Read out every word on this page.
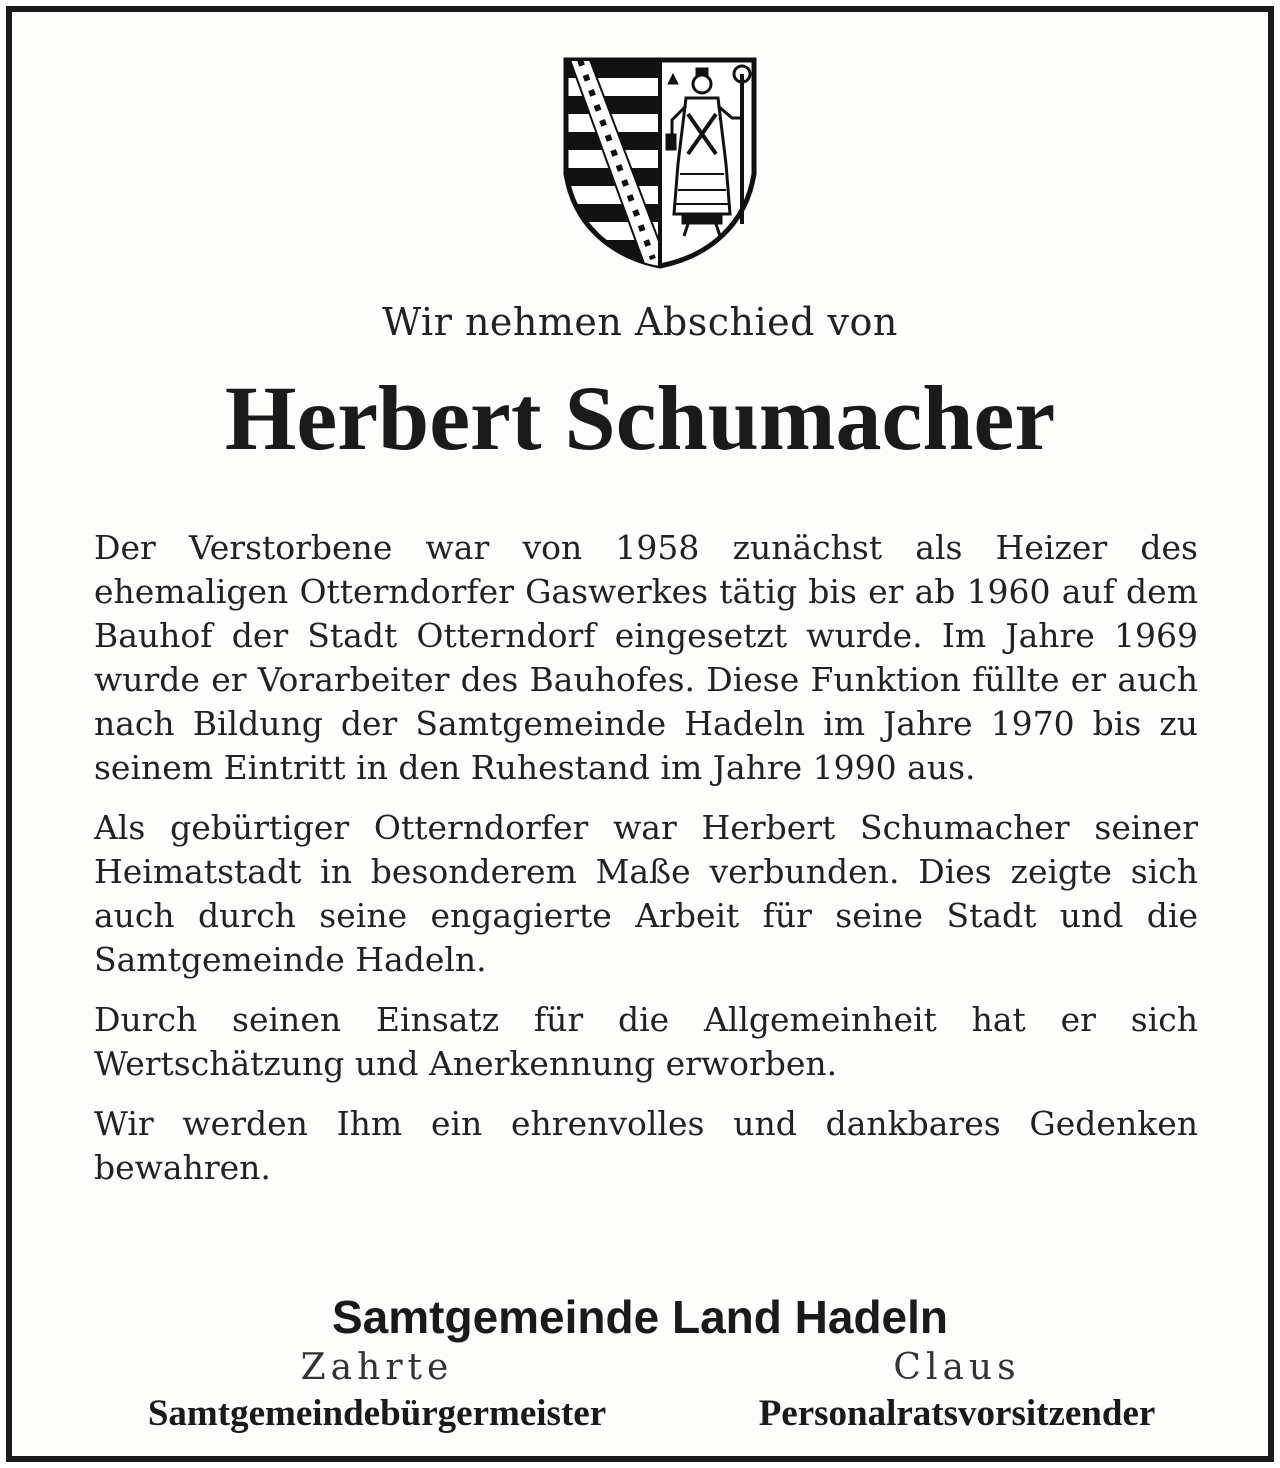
Wir nehmen Abschied von
Herbert Schumacher

Der Verstorbene war von 1958 zunächst als Heizer des ehemaligen Otterndorfer Gaswerkes tätig bis er ab 1960 auf dem Bauhof der Stadt Otterndorf eingesetzt wurde. Im Jahre 1969 wurde er Vorarbeiter des Bauhofes. Diese Funktion füllte er auch nach Bildung der Samtgemeinde Hadeln im Jahre 1970 bis zu seinem Eintritt in den Ruhestand im Jahre 1990 aus.

Als gebürtiger Otterndorfer war Herbert Schumacher seiner Heimatstadt in besonderem Maße verbunden. Dies zeigte sich auch durch seine engagierte Arbeit für seine Stadt und die Samtgemeinde Hadeln.

Durch seinen Einsatz für die Allgemeinheit hat er sich Wertschätzung und Anerkennung erworben.

Wir werden Ihm ein ehrenvolles und dankbares Gedenken bewahren.

Samtgemeinde Land Hadeln
Zahrte
Samtgemeindebürgermeister
Claus
Personalratsvorsitzender
